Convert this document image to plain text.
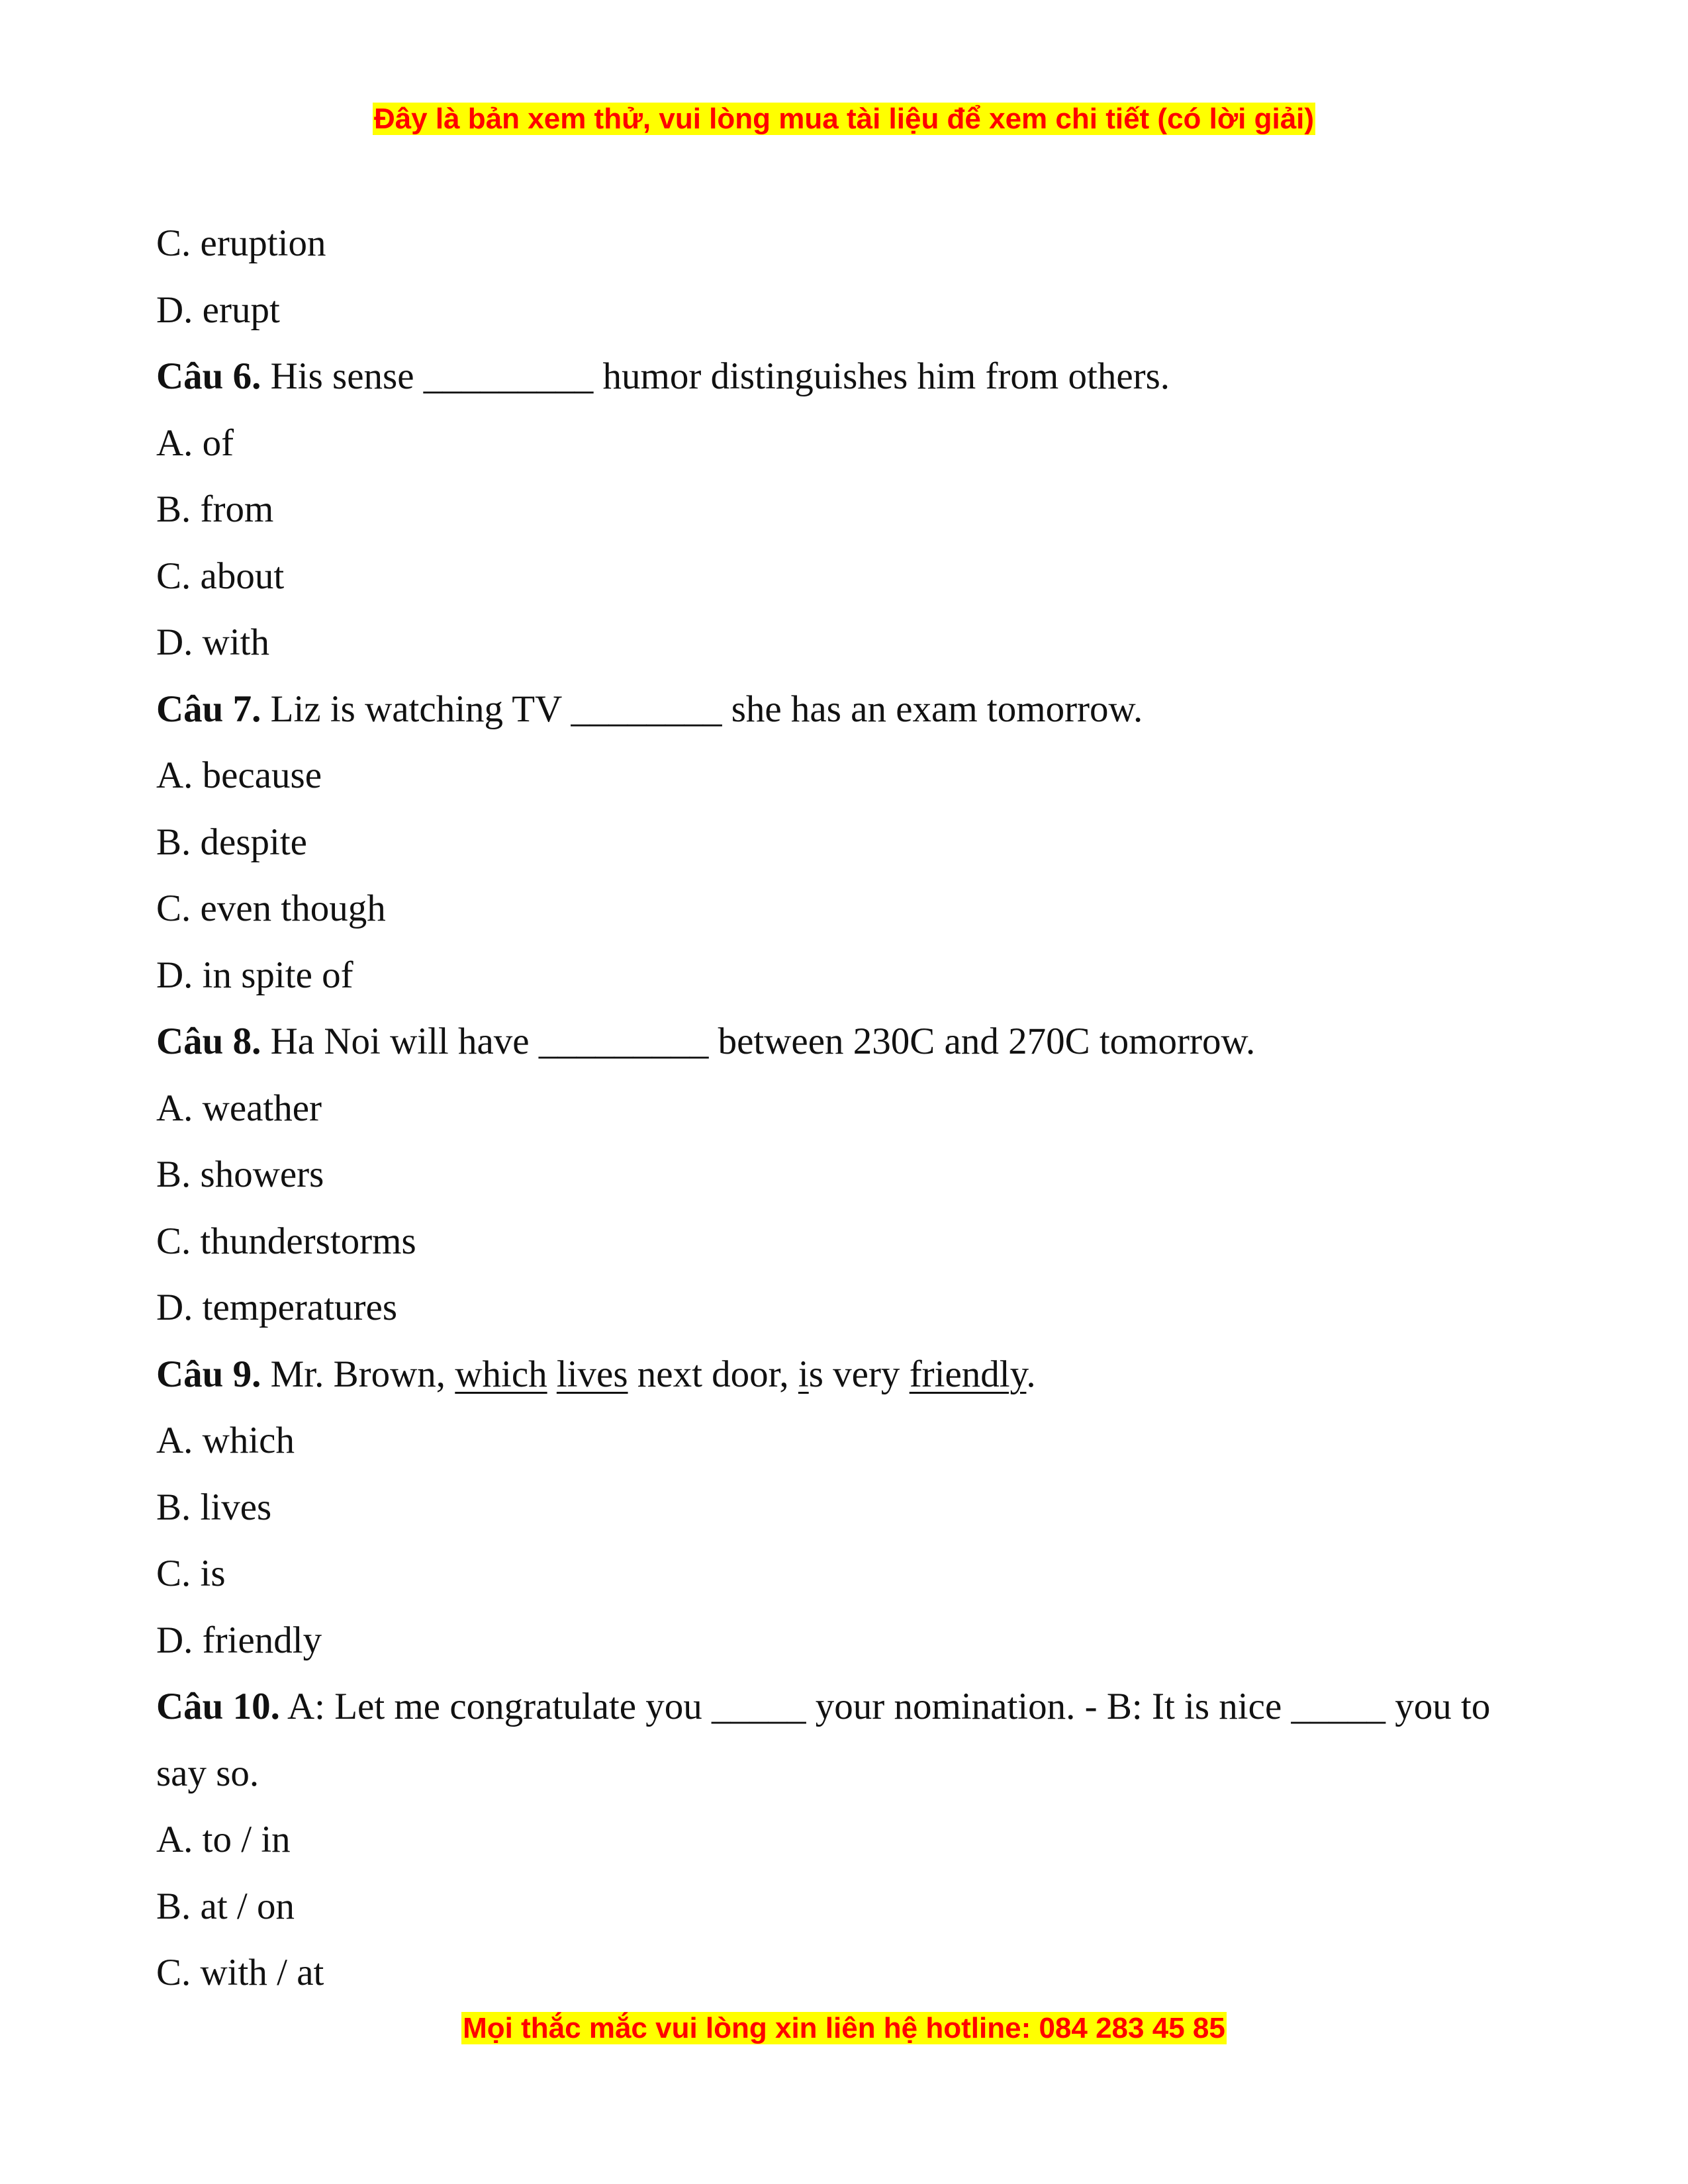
Đây là bản xem thử, vui lòng mua tài liệu để xem chi tiết (có lời giải)
C. eruption
D. erupt
Câu 6. His sense _________ humor distinguishes him from others.
A. of
B. from
C. about
D. with
Câu 7. Liz is watching TV ________ she has an exam tomorrow.
A. because
B. despite
C. even though
D. in spite of
Câu 8. Ha Noi will have _________ between 230C and 270C tomorrow.
A. weather
B. showers
C. thunderstorms
D. temperatures
Câu 9. Mr. Brown, which lives next door, is very friendly.
A. which
B. lives
C. is
D. friendly
Câu 10. A: Let me congratulate you _____ your nomination. - B: It is nice _____ you to say so.
A. to / in
B. at / on
C. with / at
Mọi thắc mắc vui lòng xin liên hệ hotline: 084 283 45 85
